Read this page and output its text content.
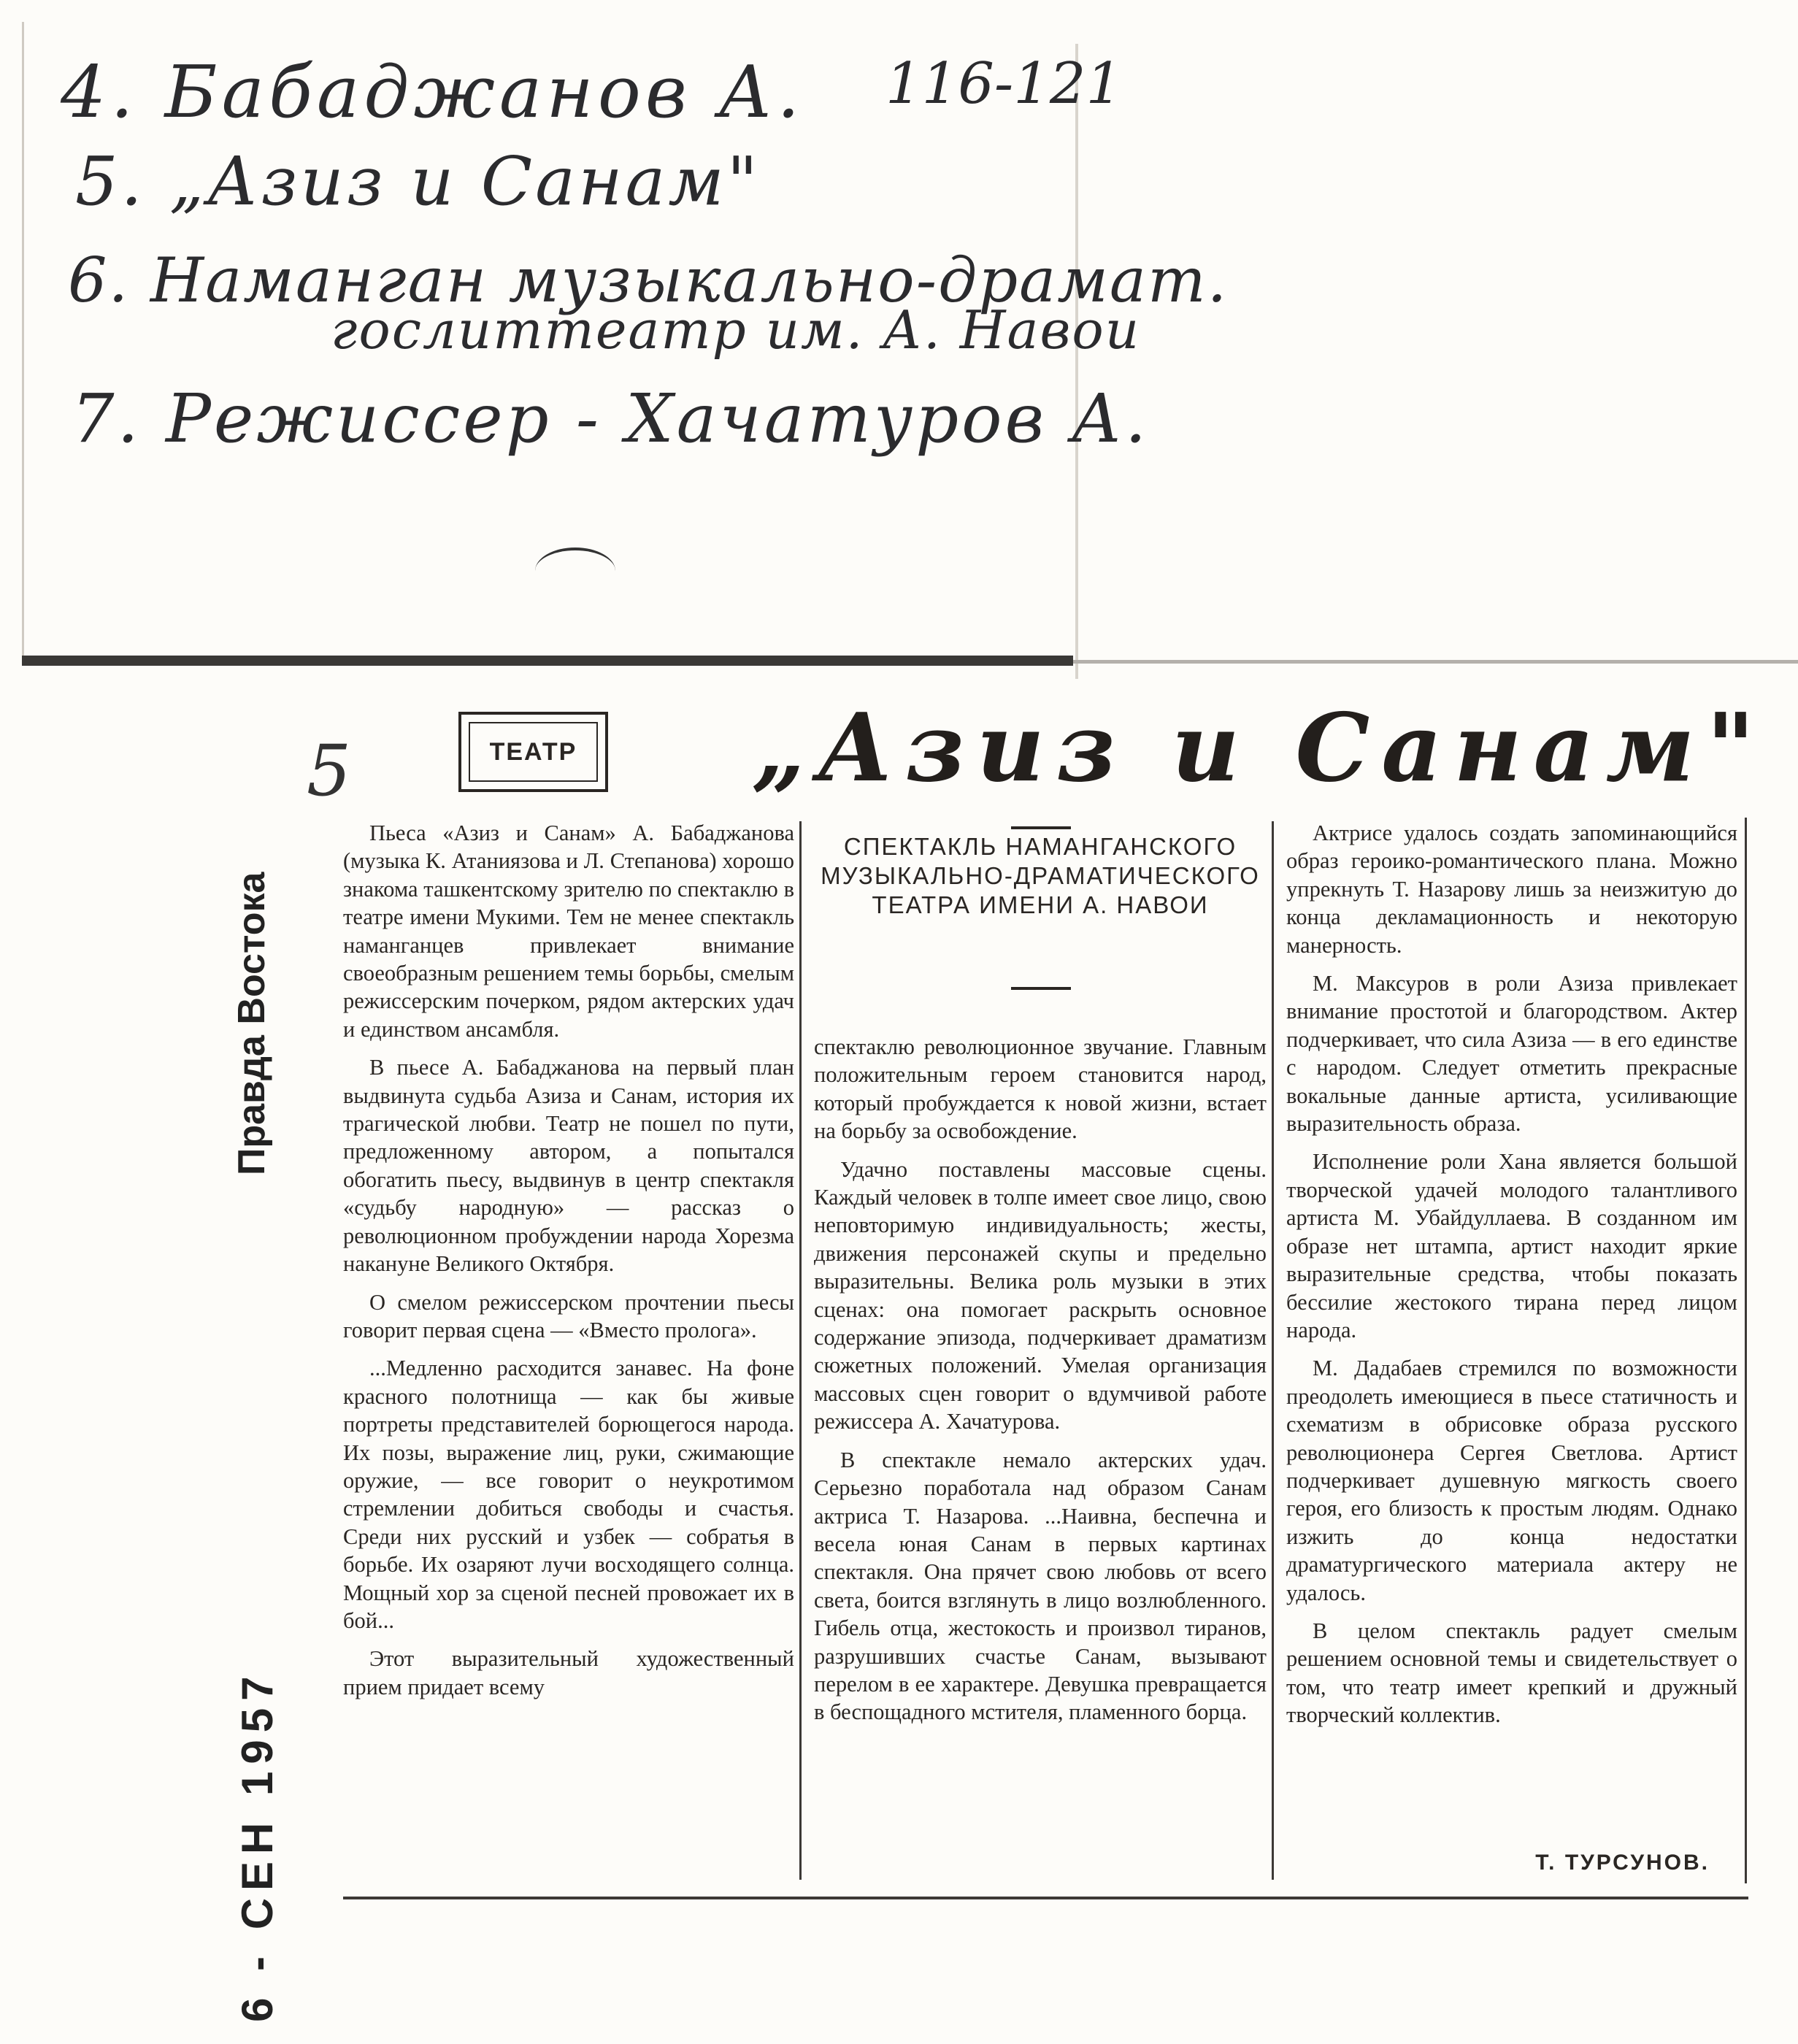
4. Бабаджанов А. 116-121
5. „Азиз и Санам"
6. Наманган музыкально-драмат.
гослиттеатр им. А. Навои
7. Режиссер - Хачатуров А.
5	ТЕАТР „Азиз и Санам"
Правда Востока
6 - СЕН 1957

Пьеса «Азиз и Санам» А. Бабаджанова (музыка К. Атаниязова и Л. Степанова) хорошо знакома ташкентскому зрителю по спектаклю в театре имени Мукими. Тем не менее спектакль наманганцев привлекает внимание своеобразным решением темы борьбы, смелым режиссерским почерком, рядом актерских удач и единством ансамбля.

В пьесе А. Бабаджанова на первый план выдвинута судьба Азиза и Санам, история их трагической любви. Театр не пошел по пути, предложенному автором, а попытался обогатить пьесу, выдвинув в центр спектакля «судьбу народную» — рассказ о революционном пробуждении народа Хорезма накануне Великого Октября.

О смелом режиссерском прочтении пьесы говорит первая сцена — «Вместо пролога».

...Медленно расходится занавес. На фоне красного полотнища — как бы живые портреты представителей борющегося народа. Их позы, выражение лиц, руки, сжимающие оружие, — все говорит о неукротимом стремлении добиться свободы и счастья. Среди них русский и узбек — собратья в борьбе. Их озаряют лучи восходящего солнца. Мощный хор за сценой песней провожает их в бой...

Этот выразительный художественный прием придает всему

СПЕКТАКЛЬ НАМАНГАНСКОГО МУЗЫКАЛЬНО-ДРАМАТИЧЕСКОГО ТЕАТРА ИМЕНИ А. НАВОИ

спектаклю революционное звучание. Главным положительным героем становится народ, который пробуждается к новой жизни, встает на борьбу за освобождение.

Удачно поставлены массовые сцены. Каждый человек в толпе имеет свое лицо, свою неповторимую индивидуальность; жесты, движения персонажей скупы и предельно выразительны. Велика роль музыки в этих сценах: она помогает раскрыть основное содержание эпизода, подчеркивает драматизм сюжетных положений. Умелая организация массовых сцен говорит о вдумчивой работе режиссера А. Хачатурова.

В спектакле немало актерских удач. Серьезно поработала над образом Санам актриса Т. Назарова. ...Наивна, беспечна и весела юная Санам в первых картинах спектакля. Она прячет свою любовь от всего света, боится взглянуть в лицо возлюбленного. Гибель отца, жестокость и произвол тиранов, разрушивших счастье Санам, вызывают перелом в ее характере. Девушка превращается в беспощадного мстителя, пламенного борца.

Актрисе удалось создать запоминающийся образ героико-романтического плана. Можно упрекнуть Т. Назарову лишь за неизжитую до конца декламационность и некоторую манерность.

М. Максуров в роли Азиза привлекает вниманиe простотой и благородством. Актер подчеркивает, что сила Азиза — в его единстве с народом. Следует отметить прекрасные вокальные данные артиста, усиливающие выразительность образа.

Исполнение роли Хана является большой творческой удачей молодого талантливого артиста М. Убайдуллаева. В созданном им образе нет штампа, артист находит яркие выразительные средства, чтобы показать бессилие жестокого тирана перед лицом народа.

М. Дадабаев стремился по возможности преодолеть имеющиеся в пьесе статичность и схематизм в обрисовке образа русского революционера Сергея Светлова. Артист подчеркивает душевную мягкость своего героя, его близость к простым людям. Однако изжить до конца недостатки драматургического материала актеру не удалось.

В целом спектакль радует смелым решением основной темы и свидетельствует о том, что театр имеет крепкий и дружный творческий коллектив.

Т. ТУРСУНОВ.
